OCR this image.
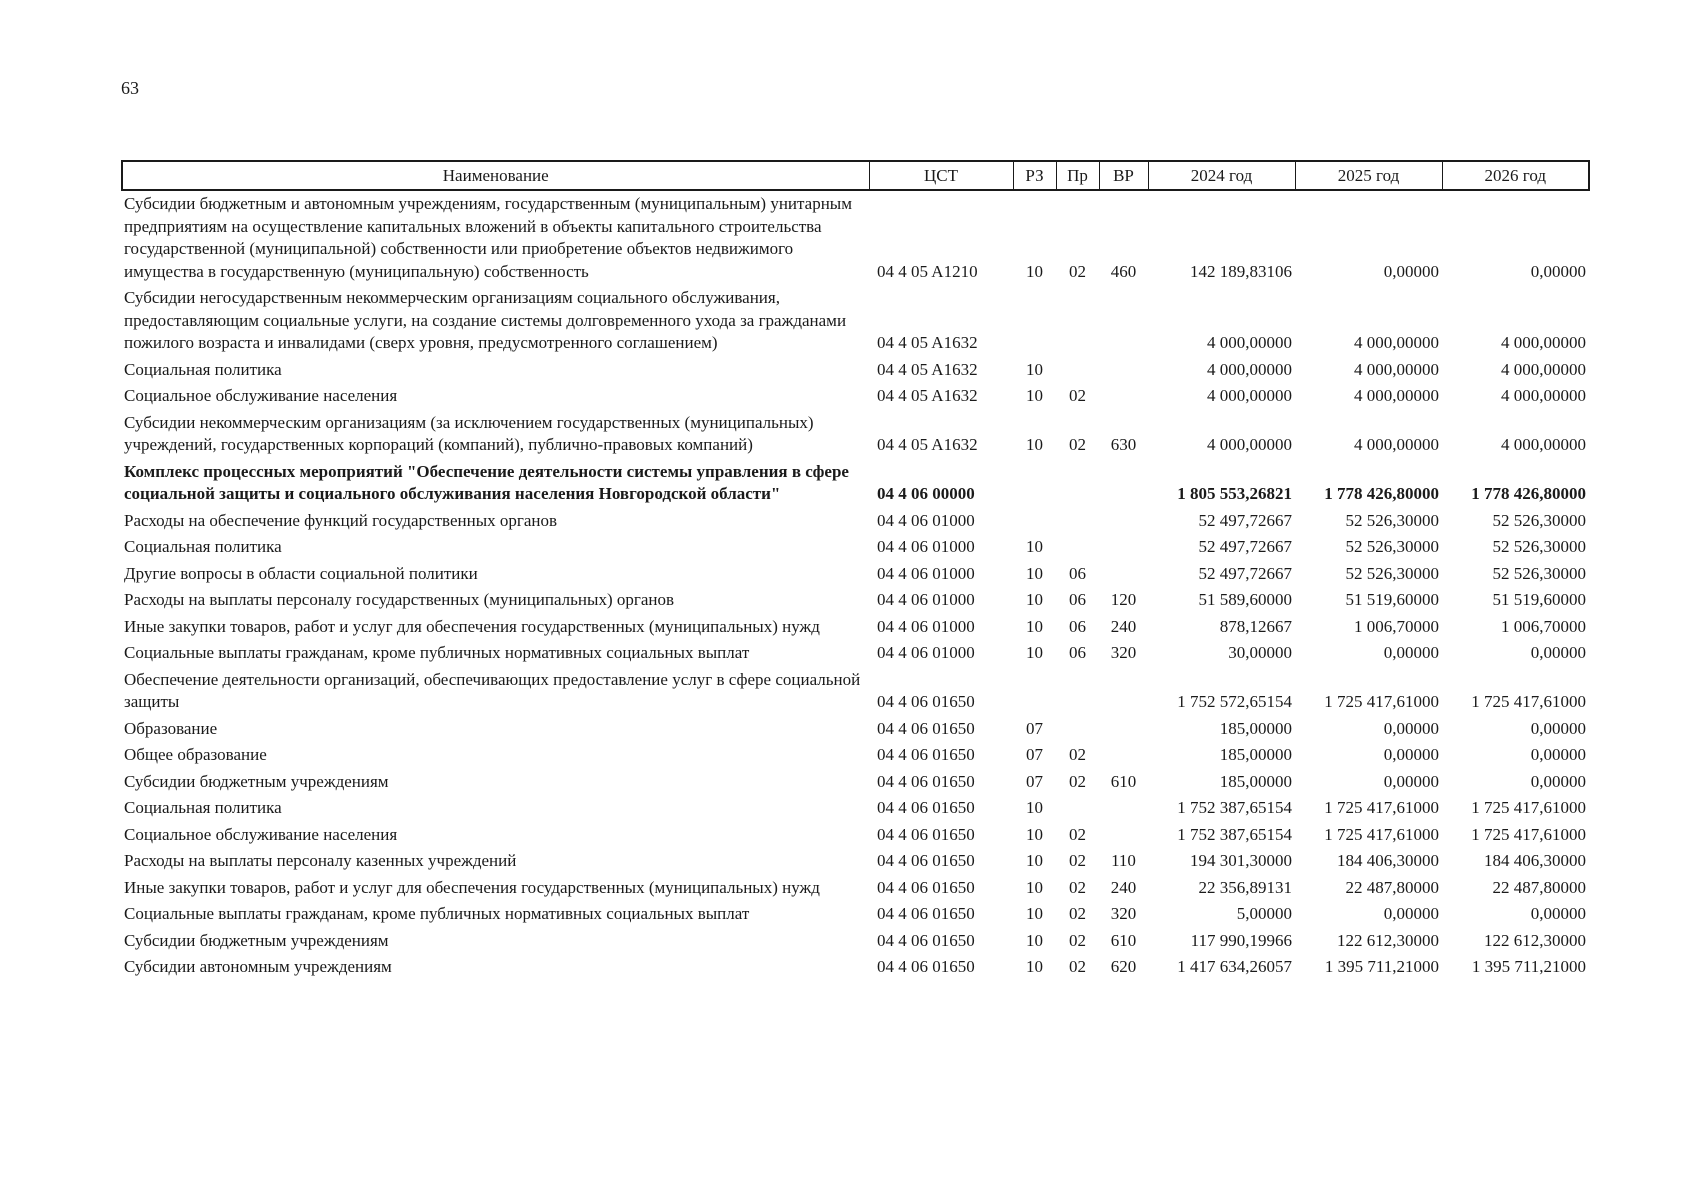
63
Наименование	ЦСТ	РЗ	Пр	ВР	2024 год	2025 год	2026 год
Субсидии бюджетным и автономным учреждениям, государственным (муниципальным) унитарным предприятиям на осуществление капитальных вложений в объекты капитального строительства государственной (муниципальной) собственности или приобретение объектов недвижимого имущества в государственную (муниципальную) собственность	04 4 05 A1210	10	02	460	142 189,83106	0,00000	0,00000
Субсидии негосударственным некоммерческим организациям социального обслуживания, предоставляющим социальные услуги, на создание системы долговременного ухода за гражданами пожилого возраста и инвалидами (сверх уровня, предусмотренного соглашением)	04 4 05 A1632				4 000,00000	4 000,00000	4 000,00000
Социальная политика	04 4 05 A1632	10			4 000,00000	4 000,00000	4 000,00000
Социальное обслуживание населения	04 4 05 A1632	10	02		4 000,00000	4 000,00000	4 000,00000
Субсидии некоммерческим организациям (за исключением государственных (муниципальных) учреждений, государственных корпораций (компаний), публично-правовых компаний)	04 4 05 A1632	10	02	630	4 000,00000	4 000,00000	4 000,00000
Комплекс процессных мероприятий "Обеспечение деятельности системы управления в сфере социальной защиты и социального обслуживания населения Новгородской области"	04 4 06 00000				1 805 553,26821	1 778 426,80000	1 778 426,80000
Расходы на обеспечение функций государственных органов	04 4 06 01000				52 497,72667	52 526,30000	52 526,30000
Социальная политика	04 4 06 01000	10			52 497,72667	52 526,30000	52 526,30000
Другие вопросы в области социальной политики	04 4 06 01000	10	06		52 497,72667	52 526,30000	52 526,30000
Расходы на выплаты персоналу государственных (муниципальных) органов	04 4 06 01000	10	06	120	51 589,60000	51 519,60000	51 519,60000
Иные закупки товаров, работ и услуг для обеспечения государственных (муниципальных) нужд	04 4 06 01000	10	06	240	878,12667	1 006,70000	1 006,70000
Социальные выплаты гражданам, кроме публичных нормативных социальных выплат	04 4 06 01000	10	06	320	30,00000	0,00000	0,00000
Обеспечение деятельности организаций, обеспечивающих предоставление услуг в сфере социальной защиты	04 4 06 01650				1 752 572,65154	1 725 417,61000	1 725 417,61000
Образование	04 4 06 01650	07			185,00000	0,00000	0,00000
Общее образование	04 4 06 01650	07	02		185,00000	0,00000	0,00000
Субсидии бюджетным учреждениям	04 4 06 01650	07	02	610	185,00000	0,00000	0,00000
Социальная политика	04 4 06 01650	10			1 752 387,65154	1 725 417,61000	1 725 417,61000
Социальное обслуживание населения	04 4 06 01650	10	02		1 752 387,65154	1 725 417,61000	1 725 417,61000
Расходы на выплаты персоналу казенных учреждений	04 4 06 01650	10	02	110	194 301,30000	184 406,30000	184 406,30000
Иные закупки товаров, работ и услуг для обеспечения государственных (муниципальных) нужд	04 4 06 01650	10	02	240	22 356,89131	22 487,80000	22 487,80000
Социальные выплаты гражданам, кроме публичных нормативных социальных выплат	04 4 06 01650	10	02	320	5,00000	0,00000	0,00000
Субсидии бюджетным учреждениям	04 4 06 01650	10	02	610	117 990,19966	122 612,30000	122 612,30000
Субсидии автономным учреждениям	04 4 06 01650	10	02	620	1 417 634,26057	1 395 711,21000	1 395 711,21000
